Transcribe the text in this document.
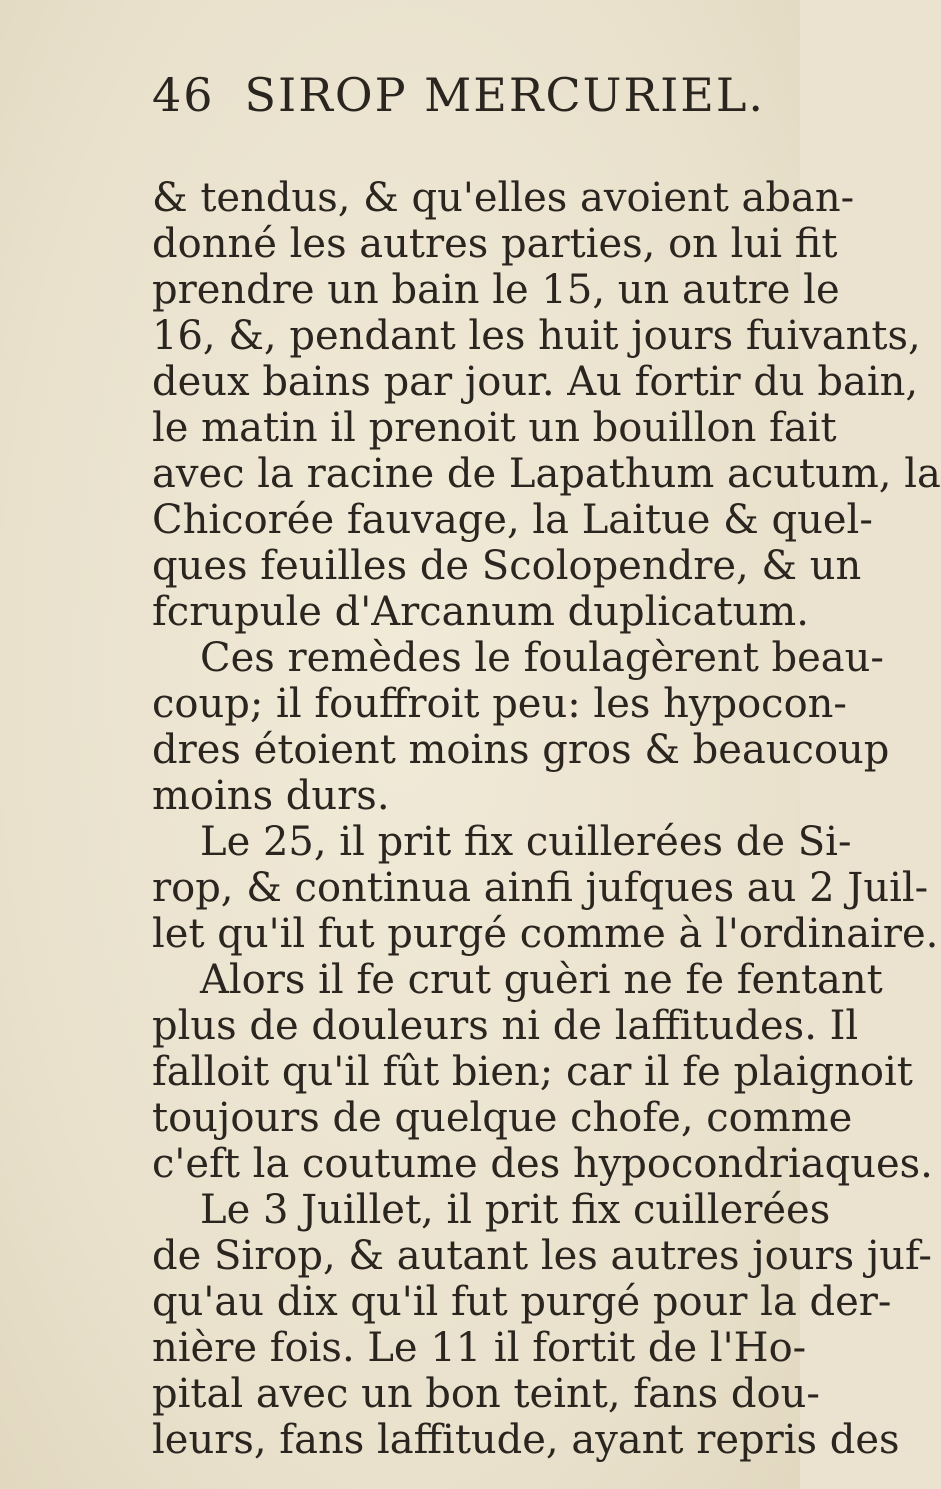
46 SIROP MERCURIEL.
& tendus, & qu'elles avoient aban-
donné les autres parties, on lui fit
prendre un bain le 15, un autre le
16, &, pendant les huit jours fuivants,
deux bains par jour. Au fortir du bain,
le matin il prenoit un bouillon fait
avec la racine de Lapathum acutum, la
Chicorée fauvage, la Laitue & quel-
ques feuilles de Scolopendre, & un
fcrupule d'Arcanum duplicatum.
Ces remèdes le foulagèrent beau-
coup; il fouffroit peu: les hypocon-
dres étoient moins gros & beaucoup
moins durs.
Le 25, il prit fix cuillerées de Si-
rop, & continua ainfi jufques au 2 Juil-
let qu'il fut purgé comme à l'ordinaire.
Alors il fe crut guèri ne fe fentant
plus de douleurs ni de laffitudes. Il
falloit qu'il fût bien; car il fe plaignoit
toujours de quelque chofe, comme
c'eft la coutume des hypocondriaques.
Le 3 Juillet, il prit fix cuillerées
de Sirop, & autant les autres jours juf-
qu'au dix qu'il fut purgé pour la der-
nière fois. Le 11 il fortit de l'Ho-
pital avec un bon teint, fans dou-
leurs, fans laffitude, ayant repris des
